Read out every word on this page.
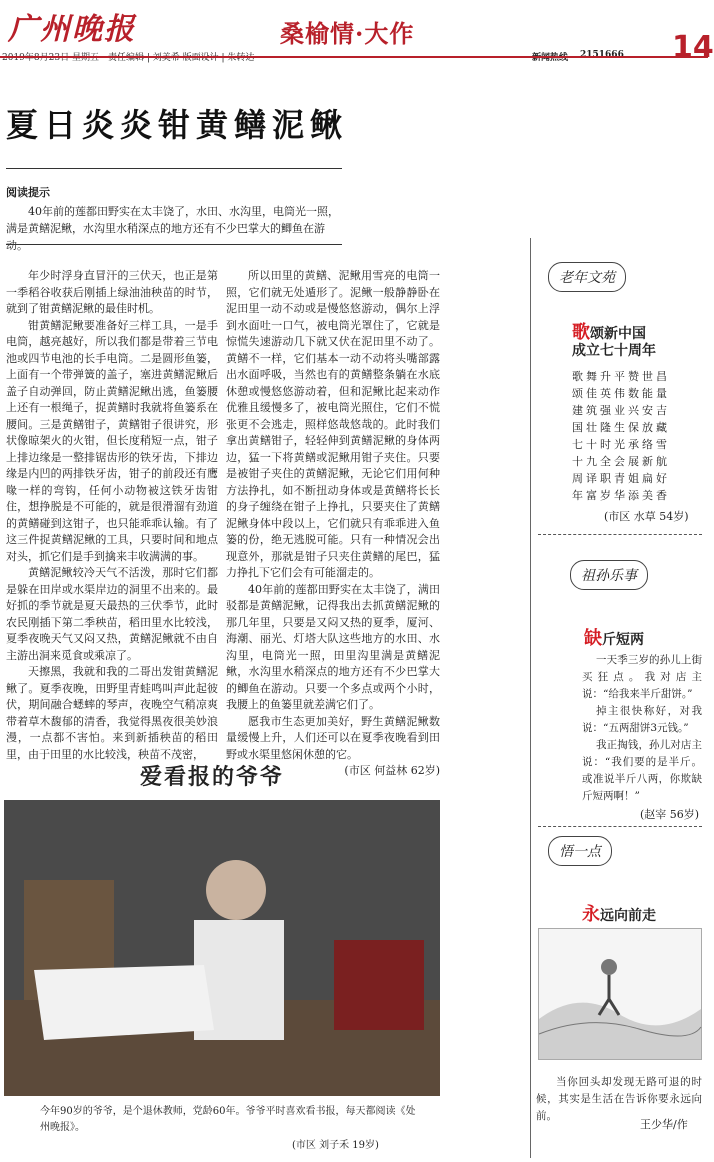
广州晚报	桑榆情·大作	14
2019年8月23日 星期五 责任编辑 | 刘美希 版面设计 | 朱转达	新闻热线 2151666
夏日炎炎钳黄鳝泥鳅
阅读提示
40年前的莲都田野实在太丰饶了，水田、水沟里，电筒光一照，满是黄鳝泥鳅，水沟里水稍深点的地方还有不少巴掌大的鲫鱼在游动。

年少时浮身直冒汗的三伏天，也正是第一季稻谷收获后刚插上绿油油秧苗的时节，就到了钳黄鳝泥鳅的最佳时机。

钳黄鳝泥鳅要准备好三样工具，一是手电筒，越亮越好，所以我们都是带着三节电池或四节电池的长手电筒。二是圆形鱼篓，上面有一个带弹簧的盖子，塞进黄鳝泥鳅后盖子自动弹回，防止黄鳝泥鳅出逃，鱼篓腰上还有一根绳子，捉黄鳝时我就将鱼篓系在腰间。三是黄鳝钳子，黄鳝钳子很讲究，形状像晾架火的火钳，但长度稍短一点，钳子上排边缘是一整排锯齿形的铁牙齿，下排边缘是内凹的两排铁牙齿，钳子的前段还有鹰喙一样的弯钩，任何小动物被这铁牙齿钳住，想挣脱是不可能的，就是很滑溜有劲道的黄鳝碰到这钳子，也只能乖乖认输。有了这三件捉黄鳝泥鳅的工具，只要时间和地点对头，抓它们是手到擒来丰收满满的事。

黄鳝泥鳅较冷天气不活泼，那时它们都是躲在田岸或水渠岸边的洞里不出来的。最好抓的季节就是夏天最热的三伏季节，此时农民刚插下第二季秧苗，稻田里水比较浅，夏季夜晚天气又闷又热，黄鳝泥鳅就不由自主游出洞来觅食或乘凉了。

天擦黑，我就和我的二哥出发钳黄鳝泥鳅了。夏季夜晚，田野里青蛙鸣叫声此起彼伏，期间融合蟋蟀的琴声，夜晚空气稍凉爽带着草木馥郁的清香，我觉得黑夜很美妙浪漫，一点都不害怕。来到新插秧苗的稻田里，由于田里的水比较浅，秧苗不茂密，

所以田里的黄鳝、泥鳅用雪亮的电筒一照，它们就无处遁形了。泥鳅一般静静卧在泥田里一动不动或是慢悠悠游动，偶尔上浮到水面吐一口气，被电筒光罩住了，它就是惊慌失速游动几下就又伏在泥田里不动了。黄鳝不一样，它们基本一动不动将头嘴部露出水面呼吸，当然也有的黄鳝整条躺在水底休憩或慢悠悠游动着，但和泥鳅比起来动作优雅且缓慢多了，被电筒光照住，它们不慌张更不会逃走，照样悠哉悠哉的。此时我们拿出黄鳝钳子，轻轻伸到黄鳝泥鳅的身体两边，猛一下将黄鳝或泥鳅用钳子夹住。只要是被钳子夹住的黄鳝泥鳅，无论它们用何种方法挣扎，如不断扭动身体或是黄鳝将长长的身子缠绕在钳子上挣扎，只要夹住了黄鳝泥鳅身体中段以上，它们就只有乖乖进入鱼篓的份，绝无逃脱可能。只有一种情况会出现意外，那就是钳子只夹住黄鳝的尾巴，猛力挣扎下它们会有可能溜走的。

40年前的莲都田野实在太丰饶了，满田驳都是黄鳝泥鳅，记得我出去抓黄鳝泥鳅的那几年里，只要是又闷又热的夏季，厦河、海潮、丽光、灯塔大队这些地方的水田、水沟里，电筒光一照，田里沟里满是黄鳝泥鳅，水沟里水稍深点的地方还有不少巴掌大的鲫鱼在游动。只要一个多点或两个小时，我腰上的鱼篓里就差满它们了。

愿我市生态更加美好，野生黄鳝泥鳅数量缓慢上升，人们还可以在夏季夜晚看到田野或水渠里悠闲休憩的它。

(市区 何益林 62岁)
爱看报的爷爷
今年90岁的爷爷，是个退休教师，党龄60年。爷爷平时喜欢看书报，每天都阅读《处州晚报》。
(市区 刘子禾 19岁)
老年文苑
歌颂新中国
成立七十周年
歌舞升平赞世昌
颂佳英伟数能量
建筑强业兴安吉
国壮隆生保放藏
七十时光承络雪
十九全会展新航
周译职青姐扁好
年富岁华添美香
(市区 水草 54岁)
祖孙乐事
缺斤短两
一天季三岁的孙儿上街买狂点。我对店主说：“给我来半斤甜饼。”
掉主很快称好，对我说：“五两甜饼3元钱。”
我正掏钱，孙儿对店主说：“我们要的是半斤。或准说半斤八两，你欺缺斤短两啊！”
(赵宰 56岁)
悟一点
永远向前走
当你回头却发现无路可退的时候，其实是生活在告诉你要永远向前。
王少华/作
